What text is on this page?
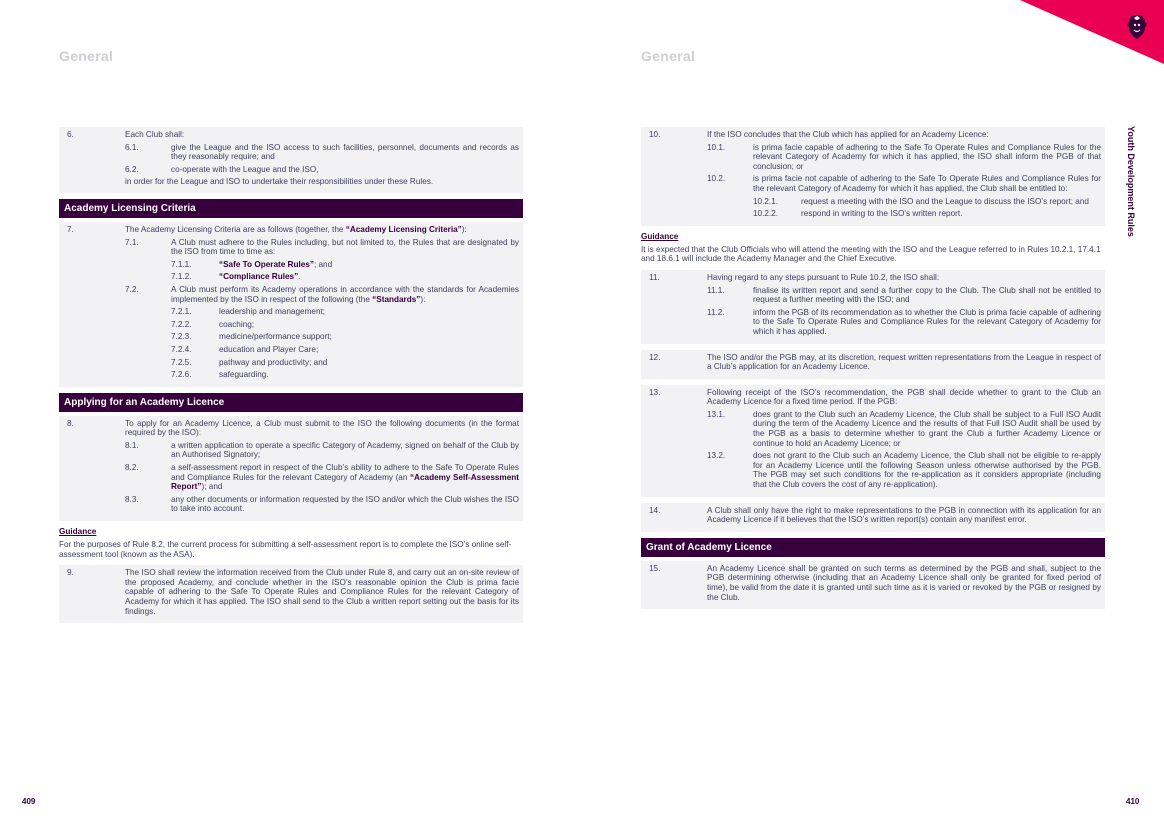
General
409
6.	Each Club shall:
6.1.	give the League and the ISO access to such facilities, personnel, documents and records as they reasonably require; and
6.2.	co-operate with the League and the ISO,
in order for the League and ISO to undertake their responsibilities under these Rules.
Academy Licensing Criteria
7.	The Academy Licensing Criteria are as follows (together, the “Academy Licensing Criteria”):
7.1.	A Club must adhere to the Rules including, but not limited to, the Rules that are designated by the ISO from time to time as:
7.1.1.	“Safe To Operate Rules”; and
7.1.2.	“Compliance Rules”.
7.2.	A Club must perform its Academy operations in accordance with the standards for Academies implemented by the ISO in respect of the following (the “Standards”):
7.2.1.	leadership and management;
7.2.2.	coaching;
7.2.3.	medicine/performance support;
7.2.4.	education and Player Care;
7.2.5.	pathway and productivity; and
7.2.6.	safeguarding.
Applying for an Academy Licence
8.	To apply for an Academy Licence, a Club must submit to the ISO the following documents (in the format required by the ISO):
8.1.	a written application to operate a specific Category of Academy, signed on behalf of the Club by an Authorised Signatory;
8.2.	a self-assessment report in respect of the Club’s ability to adhere to the Safe To Operate Rules and Compliance Rules for the relevant Category of Academy (an “Academy Self-Assessment Report”); and
8.3.	any other documents or information requested by the ISO and/or which the Club wishes the ISO to take into account.
Guidance
For the purposes of Rule 8.2, the current process for submitting a self-assessment report is to complete the ISO’s online self-assessment tool (known as the ASA).
9.	The ISO shall review the information received from the Club under Rule 8, and carry out an on-site review of the proposed Academy, and conclude whether in the ISO’s reasonable opinion the Club is prima facie capable of adhering to the Safe To Operate Rules and Compliance Rules for the relevant Category of Academy for which it has applied. The ISO shall send to the Club a written report setting out the basis for its findings.
General
410
Youth Development Rules
10.	If the ISO concludes that the Club which has applied for an Academy Licence:
10.1.	is prima facie capable of adhering to the Safe To Operate Rules and Compliance Rules for the relevant Category of Academy for which it has applied, the ISO shall inform the PGB of that conclusion; or
10.2.	is prima facie not capable of adhering to the Safe To Operate Rules and Compliance Rules for the relevant Category of Academy for which it has applied, the Club shall be entitled to:
10.2.1.	request a meeting with the ISO and the League to discuss the ISO’s report; and
10.2.2.	respond in writing to the ISO’s written report.
Guidance
It is expected that the Club Officials who will attend the meeting with the ISO and the League referred to in Rules 10.2.1, 17.4.1 and 18.6.1 will include the Academy Manager and the Chief Executive.
11.	Having regard to any steps pursuant to Rule 10.2, the ISO shall:
11.1.	finalise its written report and send a further copy to the Club. The Club shall not be entitled to request a further meeting with the ISO; and
11.2.	inform the PGB of its recommendation as to whether the Club is prima facie capable of adhering to the Safe To Operate Rules and Compliance Rules for the relevant Category of Academy for which it has applied.
12.	The ISO and/or the PGB may, at its discretion, request written representations from the League in respect of a Club’s application for an Academy Licence.
13.	Following receipt of the ISO’s recommendation, the PGB shall decide whether to grant to the Club an Academy Licence for a fixed time period. If the PGB:
13.1.	does grant to the Club such an Academy Licence, the Club shall be subject to a Full ISO Audit during the term of the Academy Licence and the results of that Full ISO Audit shall be used by the PGB as a basis to determine whether to grant the Club a further Academy Licence or continue to hold an Academy Licence; or
13.2.	does not grant to the Club such an Academy Licence, the Club shall not be eligible to re-apply for an Academy Licence until the following Season unless otherwise authorised by the PGB. The PGB may set such conditions for the re-application as it considers appropriate (including that the Club covers the cost of any re-application).
14.	A Club shall only have the right to make representations to the PGB in connection with its application for an Academy Licence if it believes that the ISO’s written report(s) contain any manifest error.
Grant of Academy Licence
15.	An Academy Licence shall be granted on such terms as determined by the PGB and shall, subject to the PGB determining otherwise (including that an Academy Licence shall only be granted for fixed period of time), be valid from the date it is granted until such time as it is varied or revoked by the PGB or resigned by the Club.
